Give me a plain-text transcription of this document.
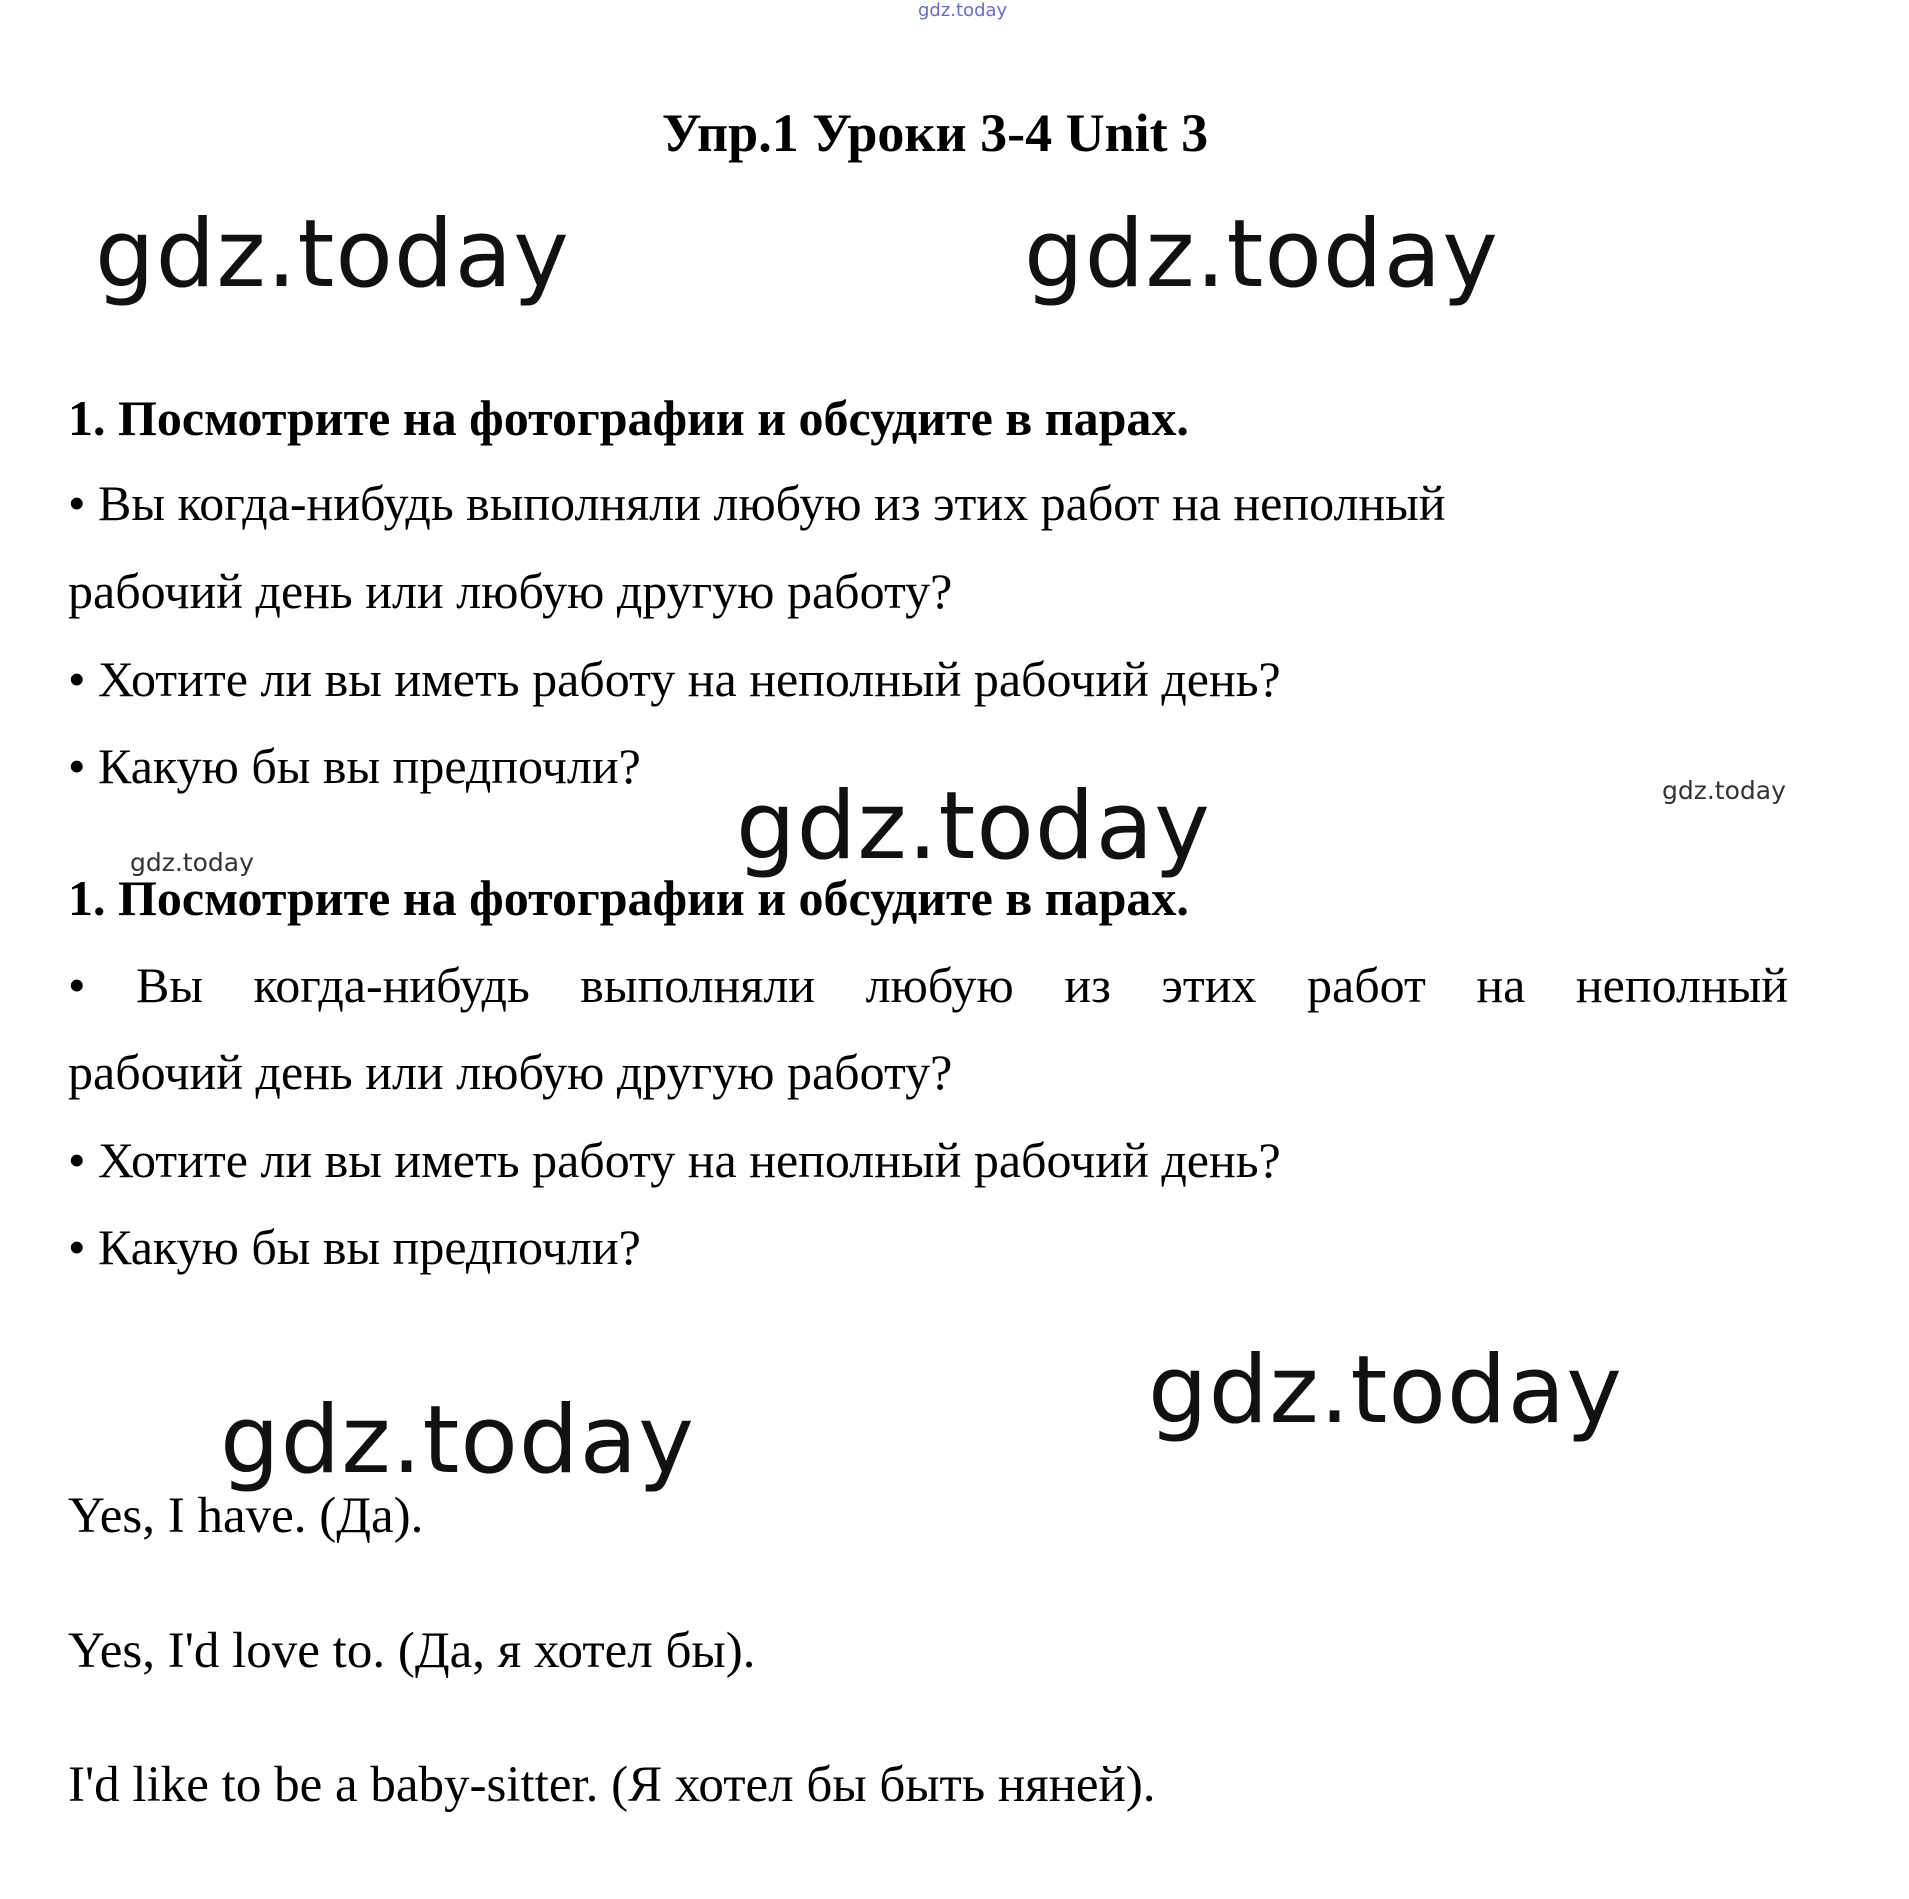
gdz.today
gdz.today	gdz.today
gdz.today	gdz.today
gdz.today
gdz.today
gdz.today
Упр.1 Уроки 3-4 Unit 3
1. Посмотрите на фотографии и обсудите в парах.
• Вы когда-нибудь выполняли любую из этих работ на неполный
рабочий день или любую другую работу?
• Хотите ли вы иметь работу на неполный рабочий день?
• Какую бы вы предпочли?
1. Посмотрите на фотографии и обсудите в парах.
• Вы когда-нибудь выполняли любую из этих работ на неполный
рабочий день или любую другую работу?
• Хотите ли вы иметь работу на неполный рабочий день?
• Какую бы вы предпочли?
Yes, I have. (Да).
Yes, I'd love to. (Да, я хотел бы).
I'd like to be a baby-sitter. (Я хотел бы быть няней).
